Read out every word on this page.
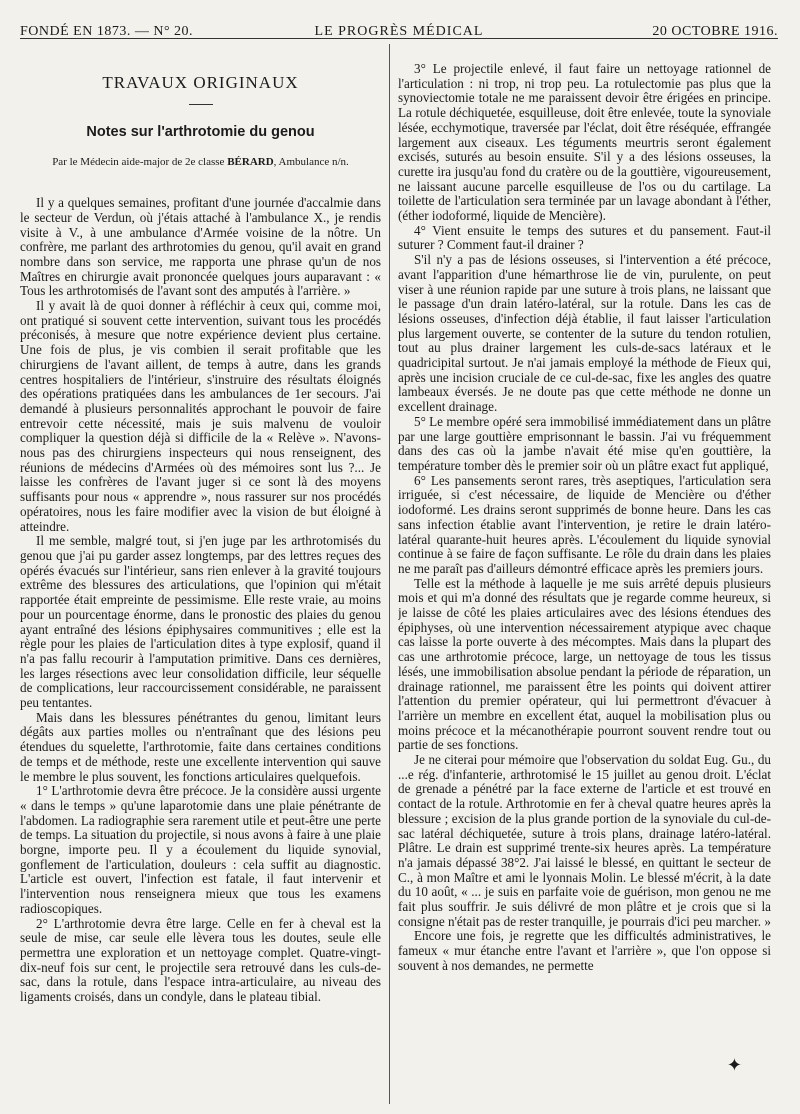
FONDÉ EN 1873. — N° 20.	LE PROGRÈS MÉDICAL	20 OCTOBRE 1916.
TRAVAUX ORIGINAUX
Notes sur l'arthrotomie du genou
Par le Médecin aide-major de 2e classe BÉRARD, Ambulance n/n.

Il y a quelques semaines, profitant d'une journée d'accalmie dans le secteur de Verdun, où j'étais attaché à l'ambulance X., je rendis visite à V., à une ambulance d'Armée voisine de la nôtre. Un confrère, me parlant des arthrotomies du genou, qu'il avait en grand nombre dans son service, me rapporta une phrase qu'un de nos Maîtres en chirurgie avait prononcée quelques jours auparavant : « Tous les arthrotomisés de l'avant sont des amputés à l'arrière. »

Il y avait là de quoi donner à réfléchir à ceux qui, comme moi, ont pratiqué si souvent cette intervention, suivant tous les procédés préconisés, à mesure que notre expérience devient plus certaine. Une fois de plus, je vis combien il serait profitable que les chirurgiens de l'avant aillent, de temps à autre, dans les grands centres hospitaliers de l'intérieur, s'instruire des résultats éloignés des opérations pratiquées dans les ambulances de 1er secours. J'ai demandé à plusieurs personnalités approchant le pouvoir de faire entrevoir cette nécessité, mais je suis malvenu de vouloir compliquer la question déjà si difficile de la « Relève ». N'avons-nous pas des chirurgiens inspecteurs qui nous renseignent, des réunions de médecins d'Armées où des mémoires sont lus ?... Je laisse les confrères de l'avant juger si ce sont là des moyens suffisants pour nous « apprendre », nous rassurer sur nos procédés opératoires, nous les faire modifier avec la vision de but éloigné à atteindre.

Il me semble, malgré tout, si j'en juge par les arthrotomisés du genou que j'ai pu garder assez longtemps, par des lettres reçues des opérés évacués sur l'intérieur, sans rien enlever à la gravité toujours extrême des blessures des articulations, que l'opinion qui m'était rapportée était empreinte de pessimisme. Elle reste vraie, au moins pour un pourcentage énorme, dans le pronostic des plaies du genou ayant entraîné des lésions épiphysaires communitives ; elle est la règle pour les plaies de l'articulation dites à type explosif, quand il n'a pas fallu recourir à l'amputation primitive. Dans ces dernières, les larges résections avec leur consolidation difficile, leur séquelle de complications, leur raccourcissement considérable, ne paraissent peu tentantes.

Mais dans les blessures pénétrantes du genou, limitant leurs dégâts aux parties molles ou n'entraînant que des lésions peu étendues du squelette, l'arthrotomie, faite dans certaines conditions de temps et de méthode, reste une excellente intervention qui sauve le membre le plus souvent, les fonctions articulaires quelquefois.

1° L'arthrotomie devra être précoce. Je la considère aussi urgente « dans le temps » qu'une laparotomie dans une plaie pénétrante de l'abdomen. La radiographie sera rarement utile et peut-être une perte de temps. La situation du projectile, si nous avons à faire à une plaie borgne, importe peu. Il y a écoulement du liquide synovial, gonflement de l'articulation, douleurs : cela suffit au diagnostic. L'article est ouvert, l'infection est fatale, il faut intervenir et l'intervention nous renseignera mieux que tous les examens radioscopiques.

2° L'arthrotomie devra être large. Celle en fer à cheval est la seule de mise, car seule elle lèvera tous les doutes, seule elle permettra une exploration et un nettoyage complet. Quatre-vingt-dix-neuf fois sur cent, le projectile sera retrouvé dans les culs-de-sac, dans la rotule, dans l'espace intra-articulaire, au niveau des ligaments croisés, dans un condyle, dans le plateau tibial.

3° Le projectile enlevé, il faut faire un nettoyage rationnel de l'articulation : ni trop, ni trop peu. La rotulectomie pas plus que la synoviectomie totale ne me paraissent devoir être érigées en principe. La rotule déchiquetée, esquilleuse, doit être enlevée, toute la synoviale lésée, ecchymotique, traversée par l'éclat, doit être réséquée, effrangée largement aux ciseaux. Les téguments meurtris seront également excisés, suturés au besoin ensuite. S'il y a des lésions osseuses, la curette ira jusqu'au fond du cratère ou de la gouttière, vigoureusement, ne laissant aucune parcelle esquilleuse de l'os ou du cartilage. La toilette de l'articulation sera terminée par un lavage abondant à l'éther, (éther iodoformé, liquide de Mencière).

4° Vient ensuite le temps des sutures et du pansement. Faut-il suturer ? Comment faut-il drainer ?

S'il n'y a pas de lésions osseuses, si l'intervention a été précoce, avant l'apparition d'une hémarthrose lie de vin, purulente, on peut viser à une réunion rapide par une suture à trois plans, ne laissant que le passage d'un drain latéro-latéral, sur la rotule. Dans les cas de lésions osseuses, d'infection déjà établie, il faut laisser l'articulation plus largement ouverte, se contenter de la suture du tendon rotulien, tout au plus drainer largement les culs-de-sacs latéraux et le quadricipital surtout. Je n'ai jamais employé la méthode de Fieux qui, après une incision cruciale de ce cul-de-sac, fixe les angles des quatre lambeaux éversés. Je ne doute pas que cette méthode ne donne un excellent drainage.

5° Le membre opéré sera immobilisé immédiatement dans un plâtre par une large gouttière emprisonnant le bassin. J'ai vu fréquemment dans des cas où la jambe n'avait été mise qu'en gouttière, la température tomber dès le premier soir où un plâtre exact fut appliqué,

6° Les pansements seront rares, très aseptiques, l'articulation sera irriguée, si c'est nécessaire, de liquide de Mencière ou d'éther iodoformé. Les drains seront supprimés de bonne heure. Dans les cas sans infection établie avant l'intervention, je retire le drain latéro-latéral quarante-huit heures après. L'écoulement du liquide synovial continue à se faire de façon suffisante. Le rôle du drain dans les plaies ne me paraît pas d'ailleurs démontré efficace après les premiers jours.

Telle est la méthode à laquelle je me suis arrêté depuis plusieurs mois et qui m'a donné des résultats que je regarde comme heureux, si je laisse de côté les plaies articulaires avec des lésions étendues des épiphyses, où une intervention nécessairement atypique avec chaque cas laisse la porte ouverte à des mécomptes. Mais dans la plupart des cas une arthrotomie précoce, large, un nettoyage de tous les tissus lésés, une immobilisation absolue pendant la période de réparation, un drainage rationnel, me paraissent être les points qui doivent attirer l'attention du premier opérateur, qui lui permettront d'évacuer à l'arrière un membre en excellent état, auquel la mobilisation plus ou moins précoce et la mécanothérapie pourront souvent rendre tout ou partie de ses fonctions.

Je ne citerai pour mémoire que l'observation du soldat Eug. Gu., du ...e rég. d'infanterie, arthrotomisé le 15 juillet au genou droit. L'éclat de grenade a pénétré par la face externe de l'article et est trouvé en contact de la rotule. Arthrotomie en fer à cheval quatre heures après la blessure ; excision de la plus grande portion de la synoviale du cul-de-sac latéral déchiquetée, suture à trois plans, drainage latéro-latéral. Plâtre. Le drain est supprimé trente-six heures après. La température n'a jamais dépassé 38°2. J'ai laissé le blessé, en quittant le secteur de C., à mon Maître et ami le lyonnais Molin. Le blessé m'écrit, à la date du 10 août, « ... je suis en parfaite voie de guérison, mon genou ne me fait plus souffrir. Je suis délivré de mon plâtre et je crois que si la consigne n'était pas de rester tranquille, je pourrais d'ici peu marcher. »

Encore une fois, je regrette que les difficultés administratives, le fameux « mur étanche entre l'avant et l'arrière », que l'on oppose si souvent à nos demandes, ne permette

✦
